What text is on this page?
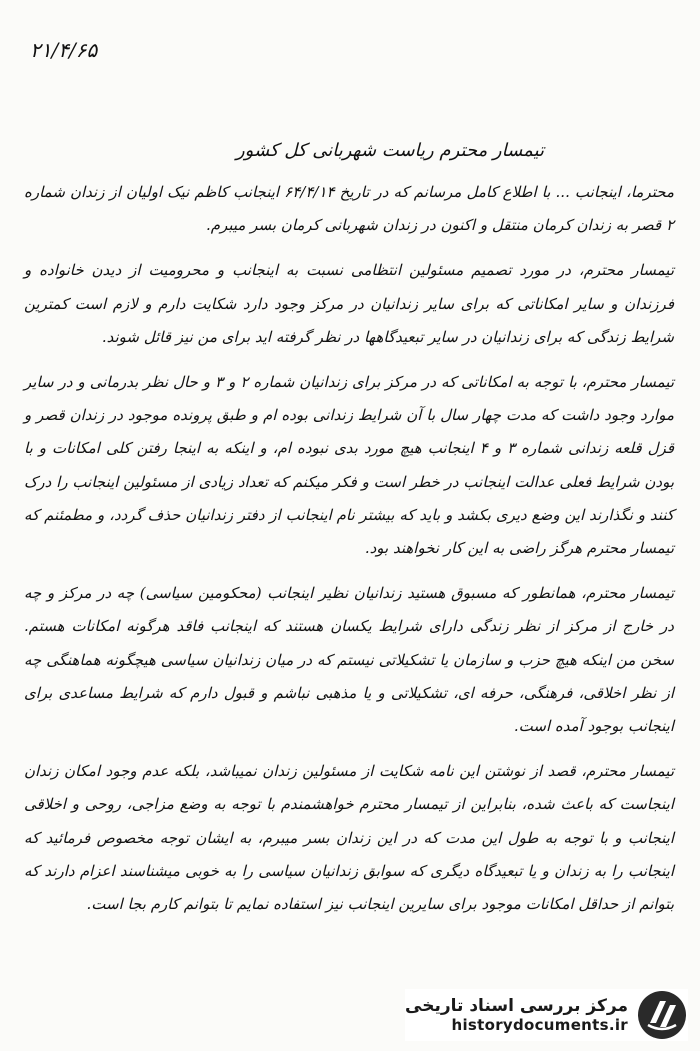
۲۱/۴/۶۵
تیمسار محترم ریاست شهربانی کل کشور

محترما، اینجانب ... با اطلاع کامل مرسانم که در تاریخ ۶۴/۴/۱۴ اینجانب کاظم نیک اولیان از زندان شماره ۲ قصر به زندان کرمان منتقل و اکنون در زندان شهربانی کرمان بسر میبرم.

تیمسار محترم، در مورد تصمیم مسئولین انتظامی نسبت به اینجانب و محرومیت از دیدن خانواده و فرزندان و سایر امکاناتی که برای سایر زندانیان در مرکز وجود دارد شکایت دارم و لازم است کمترین شرایط زندگی که برای زندانیان در سایر تبعیدگاهها در نظر گرفته اید برای من نیز قائل شوند.

تیمسار محترم، با توجه به امکاناتی که در مرکز برای زندانیان شماره ۲ و ۳ و حال نظر بدرمانی و در سایر موارد وجود داشت که مدت چهار سال با آن شرایط زندانی بوده ام و طبق پرونده موجود در زندان قصر و قزل قلعه زندانی شماره ۳ و ۴ اینجانب هیچ مورد بدی نبوده ام، و اینکه به اینجا رفتن کلی امکانات و با بودن شرایط فعلی عدالت اینجانب در خطر است و فکر میکنم که تعداد زیادی از مسئولین اینجانب را درک کنند و نگذارند این وضع دیری بکشد و باید که بیشتر نام اینجانب از دفتر زندانیان حذف گردد، و مطمئنم که تیمسار محترم هرگز راضی به این کار نخواهند بود.

تیمسار محترم، همانطور که مسبوق هستید زندانیان نظیر اینجانب (محکومین سیاسی) چه در مرکز و چه در خارج از مرکز از نظر زندگی دارای شرایط یکسان هستند که اینجانب فاقد هرگونه امکانات هستم. سخن من اینکه هیچ حزب و سازمان یا تشکیلاتی نیستم که در میان زندانیان سیاسی هیچگونه هماهنگی چه از نظر اخلاقی، فرهنگی، حرفه ای، تشکیلاتی و یا مذهبی نباشم و قبول دارم که شرایط مساعدی برای اینجانب بوجود آمده است.

تیمسار محترم، قصد از نوشتن این نامه شکایت از مسئولین زندان نمیباشد، بلکه عدم وجود امکان زندان اینجاست که باعث شده، بنابراین از تیمسار محترم خواهشمندم با توجه به وضع مزاجی، روحی و اخلاقی اینجانب و با توجه به طول این مدت که در این زندان بسر میبرم، به ایشان توجه مخصوص فرمائید که اینجانب را به زندان و یا تبعیدگاه دیگری که سوابق زندانیان سیاسی را به خوبی میشناسند اعزام دارند که بتوانم از حداقل امکانات موجود برای سایرین اینجانب نیز استفاده نمایم تا بتوانم کارم بجا است.

مرکز بررسی اسناد تاریخی
historydocuments.ir
